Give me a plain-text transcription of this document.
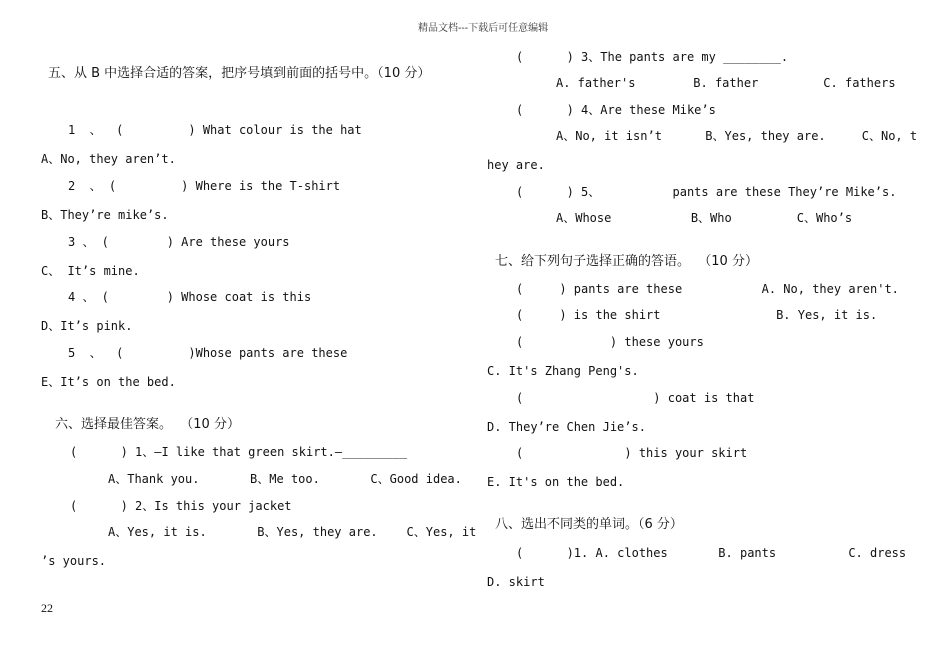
精品文档---下载后可任意编辑
五、从 B 中选择合适的答案，把序号填到前面的括号中。（10 分）
1  、  (         ) What colour is the hat
A、No, they aren’t.
2  、 (         ) Where is the T-shirt
B、They’re mike’s.
3 、 (        ) Are these yours
C、 It’s mine.
4 、 (        ) Whose coat is this
D、It’s pink.
5  、  (         )Whose pants are these
E、It’s on the bed.
六、选择最佳答案。  （10 分）
(      ) 1、—I like that green skirt.—_________
A、Thank you.       B、Me too.       C、Good idea.
(      ) 2、Is this your jacket
A、Yes, it is.       B、Yes, they are.    C、Yes, it
’s yours.
22
(      ) 3、The pants are my ________.
A. father's        B. father         C. fathers
(      ) 4、Are these Mike’s
A、No, it isn’t      B、Yes, they are.     C、No, t
hey are.
(      ) 5、          pants are these They’re Mike’s.
A、Whose           B、Who         C、Who’s
七、给下列句子选择正确的答语。  （10 分）
(     ) pants are these           A. No, they aren't.
(     ) is the shirt                B. Yes, it is.
(            ) these yours
C. It's Zhang Peng's.
(                  ) coat is that
D. They’re Chen Jie’s.
(              ) this your skirt
E. It's on the bed.
八、选出不同类的单词。（6 分）
(      )1. A. clothes       B. pants          C. dress
D. skirt
